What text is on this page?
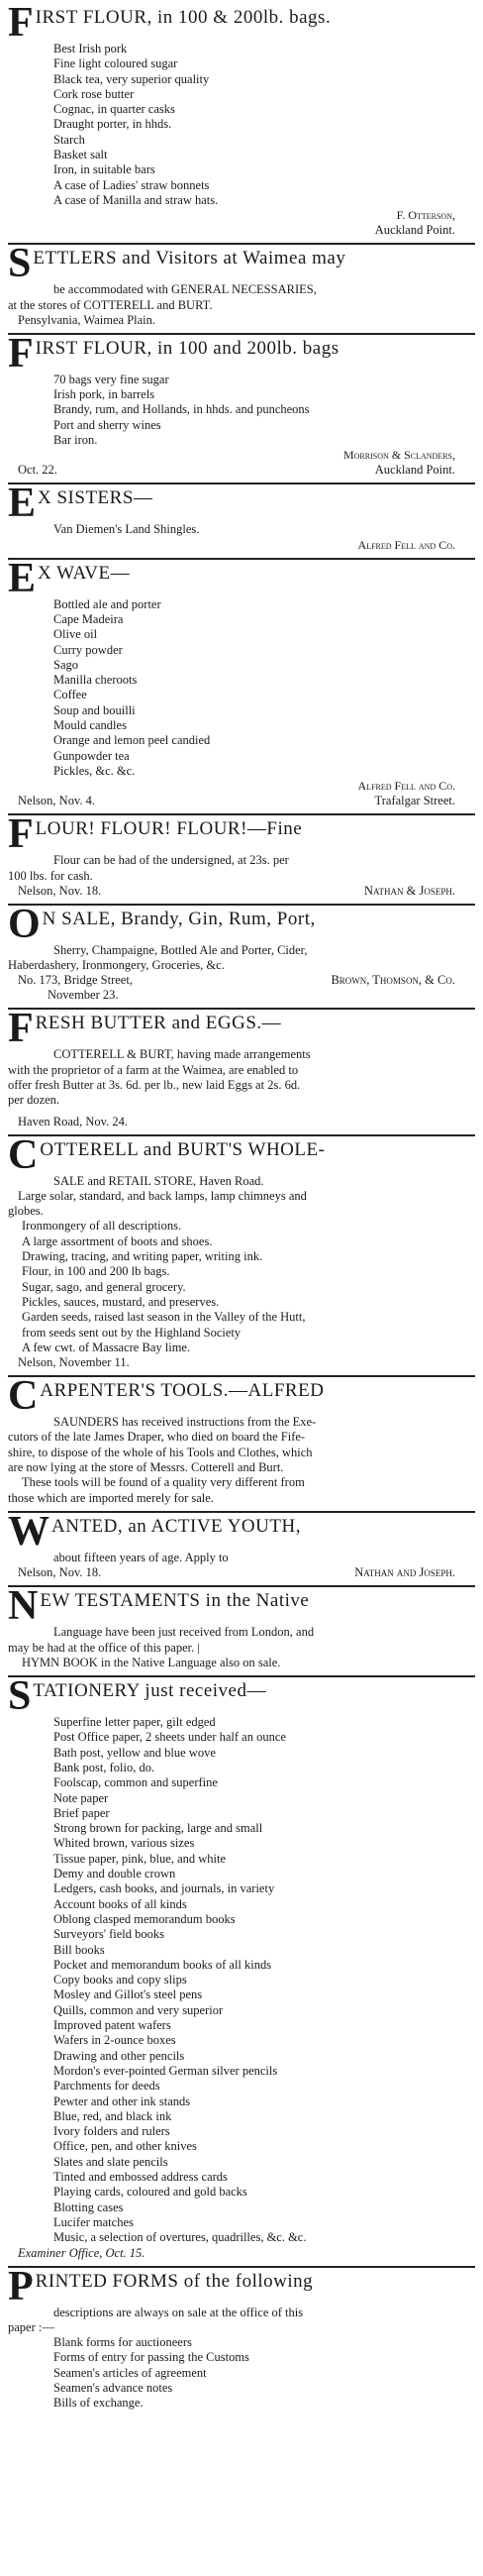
F IRST FLOUR, in 100 & 200lb. bags.
Best Irish pork
Fine light coloured sugar
Black tea, very superior quality
Cork rose butter
Cognac, in quarter casks
Draught porter, in hhds.
Starch
Basket salt
Iron, in suitable bars
A case of Ladies' straw bonnets
A case of Manilla and straw hats.
F. Otterson,
Auckland Point.
S ETTLERS and Visitors at Waimea may
be accommodated with GENERAL NECESSARIES,
at the stores of COTTERELL and BURT.
Pensylvania, Waimea Plain.
F IRST FLOUR, in 100 and 200lb. bags
70 bags very fine sugar
Irish pork, in barrels
Brandy, rum, and Hollands, in hhds. and puncheons
Port and sherry wines
Bar iron.
Morrison & Sclanders,
Oct. 22.	Auckland Point.
E X SISTERS—
Van Diemen's Land Shingles.
Alfred Fell and Co.
E X WAVE—
Bottled ale and porter
Cape Madeira
Olive oil
Curry powder
Sago
Manilla cheroots
Coffee
Soup and bouilli
Mould candles
Orange and lemon peel candied
Gunpowder tea
Pickles, &c. &c.
Alfred Fell and Co.
Nelson, Nov. 4.	Trafalgar Street.
F LOUR! FLOUR! FLOUR!—Fine
Flour can be had of the undersigned, at 23s. per
100 lbs. for cash.
Nelson, Nov. 18.	Nathan & Joseph.
O N SALE, Brandy, Gin, Rum, Port,
Sherry, Champaigne, Bottled Ale and Porter, Cider,
Haberdashery, Ironmongery, Groceries, &c.
No. 173, Bridge Street,	Brown, Thomson, & Co.
November 23.
F RESH BUTTER and EGGS.—
COTTERELL & BURT, having made arrangements
with the proprietor of a farm at the Waimea, are enabled to
offer fresh Butter at 3s. 6d. per lb., new laid Eggs at 2s. 6d.
per dozen.
Haven Road, Nov. 24.
C OTTERELL and BURT'S WHOLE-
SALE and RETAIL STORE, Haven Road.
Large solar, standard, and back lamps, lamp chimneys and
globes.
Ironmongery of all descriptions.
A large assortment of boots and shoes.
Drawing, tracing, and writing paper, writing ink.
Flour, in 100 and 200 lb bags.
Sugar, sago, and general grocery.
Pickles, sauces, mustard, and preserves.
Garden seeds, raised last season in the Valley of the Hutt,
from seeds sent out by the Highland Society
A few cwt. of Massacre Bay lime.
Nelson, November 11.
C ARPENTER'S TOOLS.—ALFRED
SAUNDERS has received instructions from the Exe-
cutors of the late James Draper, who died on board the Fife-
shire, to dispose of the whole of his Tools and Clothes, which
are now lying at the store of Messrs. Cotterell and Burt.
These tools will be found of a quality very different from
those which are imported merely for sale.
W ANTED, an ACTIVE YOUTH,
about fifteen years of age. Apply to
Nelson, Nov. 18.	Nathan and Joseph.
N EW TESTAMENTS in the Native
Language have been just received from London, and
may be had at the office of this paper. |
HYMN BOOK in the Native Language also on sale.
S TATIONERY just received—
Superfine letter paper, gilt edged
Post Office paper, 2 sheets under half an ounce
Bath post, yellow and blue wove
Bank post, folio, do.
Foolscap, common and superfine
Note paper
Brief paper
Strong brown for packing, large and small
Whited brown, various sizes
Tissue paper, pink, blue, and white
Demy and double crown
Ledgers, cash books, and journals, in variety
Account books of all kinds
Oblong clasped memorandum books
Surveyors' field books
Bill books
Pocket and memorandum books of all kinds
Copy books and copy slips
Mosley and Gillot's steel pens
Quills, common and very superior
Improved patent wafers
Wafers in 2-ounce boxes
Drawing and other pencils
Mordon's ever-pointed German silver pencils
Parchments for deeds
Pewter and other ink stands
Blue, red, and black ink
Ivory folders and rulers
Office, pen, and other knives
Slates and slate pencils
Tinted and embossed address cards
Playing cards, coloured and gold backs
Blotting cases
Lucifer matches
Music, a selection of overtures, quadrilles, &c. &c.
Examiner Office, Oct. 15.
P RINTED FORMS of the following
descriptions are always on sale at the office of this
paper :—
Blank forms for auctioneers
Forms of entry for passing the Customs
Seamen's articles of agreement
Seamen's advance notes
Bills of exchange.
